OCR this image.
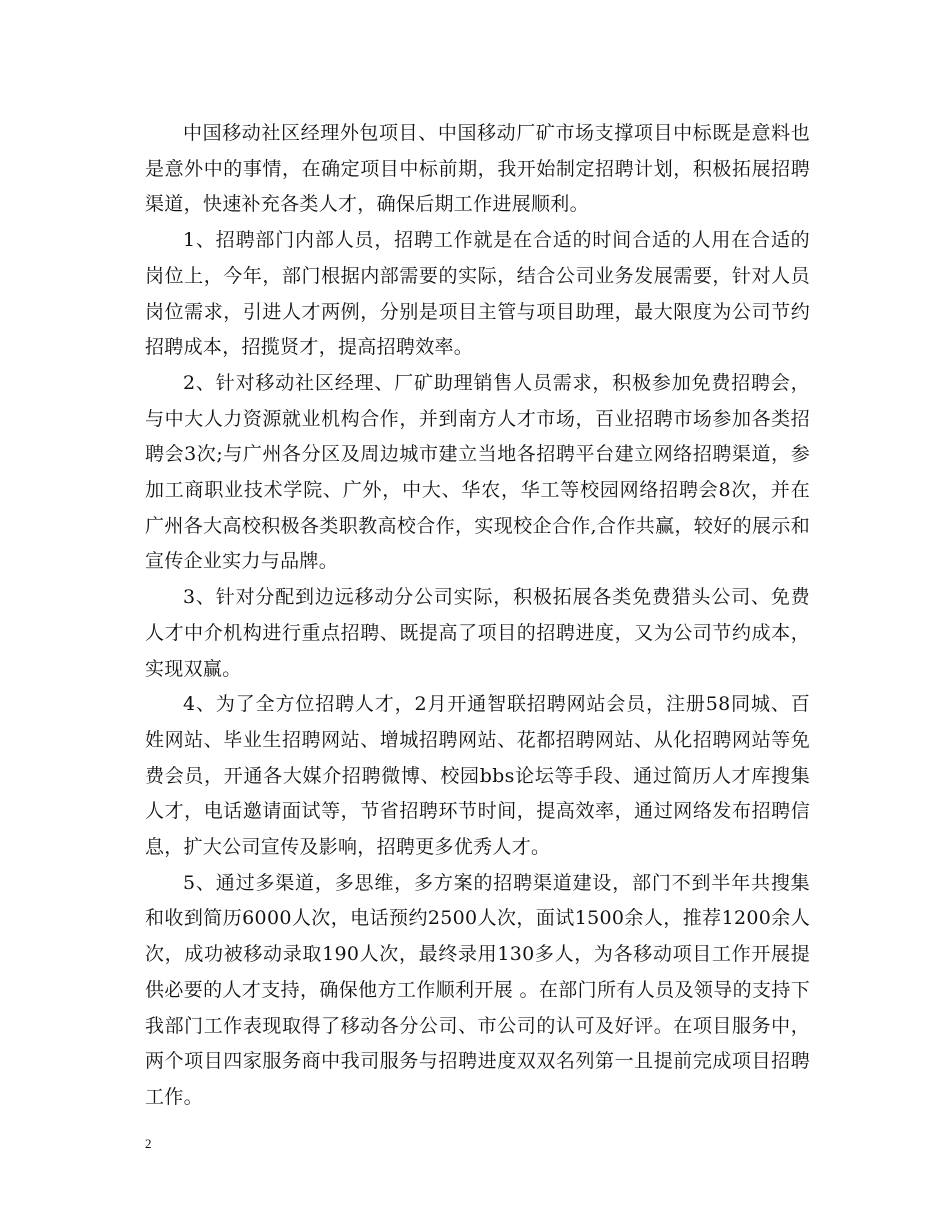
中国移动社区经理外包项目、中国移动厂矿市场支撑项目中标既是意料也是意外中的事情，在确定项目中标前期，我开始制定招聘计划，积极拓展招聘渠道，快速补充各类人才，确保后期工作进展顺利。

1、招聘部门内部人员，招聘工作就是在合适的时间合适的人用在合适的岗位上，今年，部门根据内部需要的实际，结合公司业务发展需要，针对人员岗位需求，引进人才两例，分别是项目主管与项目助理，最大限度为公司节约招聘成本，招揽贤才，提高招聘效率。

2、针对移动社区经理、厂矿助理销售人员需求，积极参加免费招聘会，与中大人力资源就业机构合作，并到南方人才市场，百业招聘市场参加各类招聘会3次;与广州各分区及周边城市建立当地各招聘平台建立网络招聘渠道，参加工商职业技术学院、广外，中大、华农，华工等校园网络招聘会8次，并在广州各大高校积极各类职教高校合作，实现校企合作,合作共赢，较好的展示和宣传企业实力与品牌。

3、针对分配到边远移动分公司实际，积极拓展各类免费猎头公司、免费人才中介机构进行重点招聘、既提高了项目的招聘进度，又为公司节约成本，实现双赢。

4、为了全方位招聘人才，2月开通智联招聘网站会员，注册58同城、百姓网站、毕业生招聘网站、增城招聘网站、花都招聘网站、从化招聘网站等免费会员，开通各大媒介招聘微博、校园bbs论坛等手段、通过简历人才库搜集人才，电话邀请面试等，节省招聘环节时间，提高效率，通过网络发布招聘信息，扩大公司宣传及影响，招聘更多优秀人才。

5、通过多渠道，多思维，多方案的招聘渠道建设，部门不到半年共搜集和收到简历6000人次，电话预约2500人次，面试1500余人，推荐1200余人次，成功被移动录取190人次，最终录用130多人，为各移动项目工作开展提供必要的人才支持，确保他方工作顺利开展 。在部门所有人员及领导的支持下我部门工作表现取得了移动各分公司、市公司的认可及好评。在项目服务中，两个项目四家服务商中我司服务与招聘进度双双名列第一且提前完成项目招聘工作。

2
